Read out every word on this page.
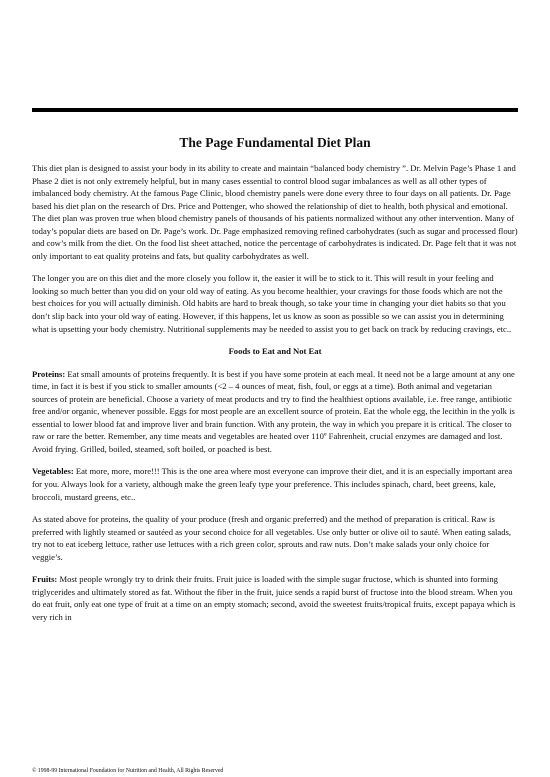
The Page Fundamental Diet Plan

This diet plan is designed to assist your body in its ability to create and maintain “balanced body chemistry ”. Dr. Melvin Page’s Phase 1 and Phase 2 diet is not only extremely helpful, but in many cases essential to control blood sugar imbalances as well as all other types of imbalanced body chemistry. At the famous Page Clinic, blood chemistry panels were done every three to four days on all patients. Dr. Page based his diet plan on the research of Drs. Price and Pottenger, who showed the relationship of diet to health, both physical and emotional. The diet plan was proven true when blood chemistry panels of thousands of his patients normalized without any other intervention. Many of today’s popular diets are based on Dr. Page’s work. Dr. Page emphasized removing refined carbohydrates (such as sugar and processed flour) and cow’s milk from the diet. On the food list sheet attached, notice the percentage of carbohydrates is indicated. Dr. Page felt that it was not only important to eat quality proteins and fats, but quality carbohydrates as well.

The longer you are on this diet and the more closely you follow it, the easier it will be to stick to it. This will result in your feeling and looking so much better than you did on your old way of eating. As you become healthier, your cravings for those foods which are not the best choices for you will actually diminish. Old habits are hard to break though, so take your time in changing your diet habits so that you don’t slip back into your old way of eating. However, if this happens, let us know as soon as possible so we can assist you in determining what is upsetting your body chemistry. Nutritional supplements may be needed to assist you to get back on track by reducing cravings, etc..

Foods to Eat and Not Eat

Proteins: Eat small amounts of proteins frequently. It is best if you have some protein at each meal. It need not be a large amount at any one time, in fact it is best if you stick to smaller amounts (<2 – 4 ounces of meat, fish, foul, or eggs at a time). Both animal and vegetarian sources of protein are beneficial. Choose a variety of meat products and try to find the healthiest options available, i.e. free range, antibiotic free and/or organic, whenever possible. Eggs for most people are an excellent source of protein. Eat the whole egg, the lecithin in the yolk is essential to lower blood fat and improve liver and brain function. With any protein, the way in which you prepare it is critical. The closer to raw or rare the better. Remember, any time meats and vegetables are heated over 110º Fahrenheit, crucial enzymes are damaged and lost. Avoid frying. Grilled, boiled, steamed, soft boiled, or poached is best.

Vegetables: Eat more, more, more!!! This is the one area where most everyone can improve their diet, and it is an especially important area for you. Always look for a variety, although make the green leafy type your preference. This includes spinach, chard, beet greens, kale, broccoli, mustard greens, etc..

As stated above for proteins, the quality of your produce (fresh and organic preferred) and the method of preparation is critical. Raw is preferred with lightly steamed or sautéed as your second choice for all vegetables. Use only butter or olive oil to sauté. When eating salads, try not to eat iceberg lettuce, rather use lettuces with a rich green color, sprouts and raw nuts. Don’t make salads your only choice for veggie’s.

Fruits: Most people wrongly try to drink their fruits. Fruit juice is loaded with the simple sugar fructose, which is shunted into forming triglycerides and ultimately stored as fat. Without the fiber in the fruit, juice sends a rapid burst of fructose into the blood stream. When you do eat fruit, only eat one type of fruit at a time on an empty stomach; second, avoid the sweetest fruits/tropical fruits, except papaya which is very rich in

© 1998-99 International Foundation for Nutrition and Health, All Rights Reserved
